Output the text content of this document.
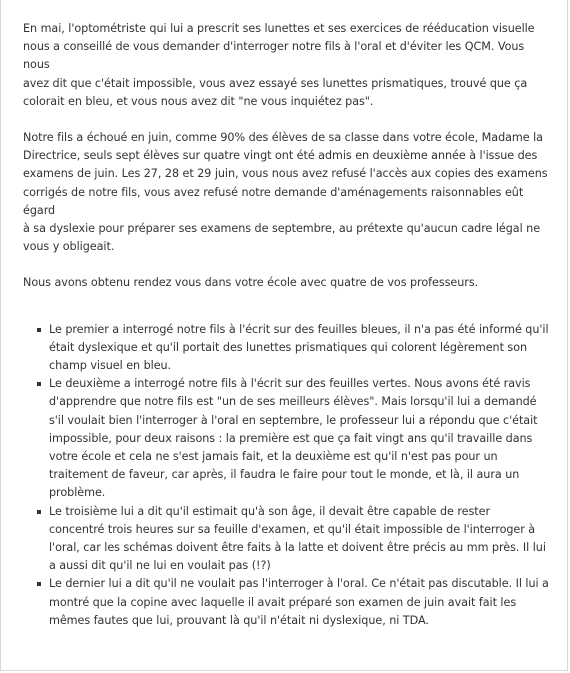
En mai, l'optométriste qui lui a prescrit ses lunettes et ses exercices de rééducation visuelle
nous a conseillé de vous demander d'interroger notre fils à l'oral et d'éviter les QCM. Vous nous
avez dit que c'était impossible, vous avez essayé ses lunettes prismatiques, trouvé que ça
colorait en bleu, et vous nous avez dit "ne vous inquiétez pas".

Notre fils a échoué en juin, comme 90% des élèves de sa classe dans votre école, Madame la
Directrice, seuls sept élèves sur quatre vingt ont été admis en deuxième année à l'issue des
examens de juin. Les 27, 28 et 29 juin, vous nous avez refusé l'accès aux copies des examens
corrigés de notre fils, vous avez refusé notre demande d'aménagements raisonnables eût égard
à sa dyslexie pour préparer ses examens de septembre, au prétexte qu'aucun cadre légal ne
vous y obligeait.

Nous avons obtenu rendez vous dans votre école avec quatre de vos professeurs.

Le premier a interrogé notre fils à l'écrit sur des feuilles bleues, il n'a pas été informé qu'il
était dyslexique et qu'il portait des lunettes prismatiques qui colorent légèrement son
champ visuel en bleu.
Le deuxième a interrogé notre fils à l'écrit sur des feuilles vertes. Nous avons été ravis
d'apprendre que notre fils est "un de ses meilleurs élèves". Mais lorsqu'il lui a demandé
s'il voulait bien l'interroger à l'oral en septembre, le professeur lui a répondu que c'était
impossible, pour deux raisons : la première est que ça fait vingt ans qu'il travaille dans
votre école et cela ne s'est jamais fait, et la deuxième est qu'il n'est pas pour un
traitement de faveur, car après, il faudra le faire pour tout le monde, et là, il aura un
problème.
Le troisième lui a dit qu'il estimait qu'à son âge, il devait être capable de rester
concentré trois heures sur sa feuille d'examen, et qu'il était impossible de l'interroger à
l'oral, car les schémas doivent être faits à la latte et doivent être précis au mm près. Il lui
a aussi dit qu'il ne lui en voulait pas (!?)
Le dernier lui a dit qu'il ne voulait pas l'interroger à l'oral. Ce n'était pas discutable. Il lui a
montré que la copine avec laquelle il avait préparé son examen de juin avait fait les
mêmes fautes que lui, prouvant là qu'il n'était ni dyslexique, ni TDA.
